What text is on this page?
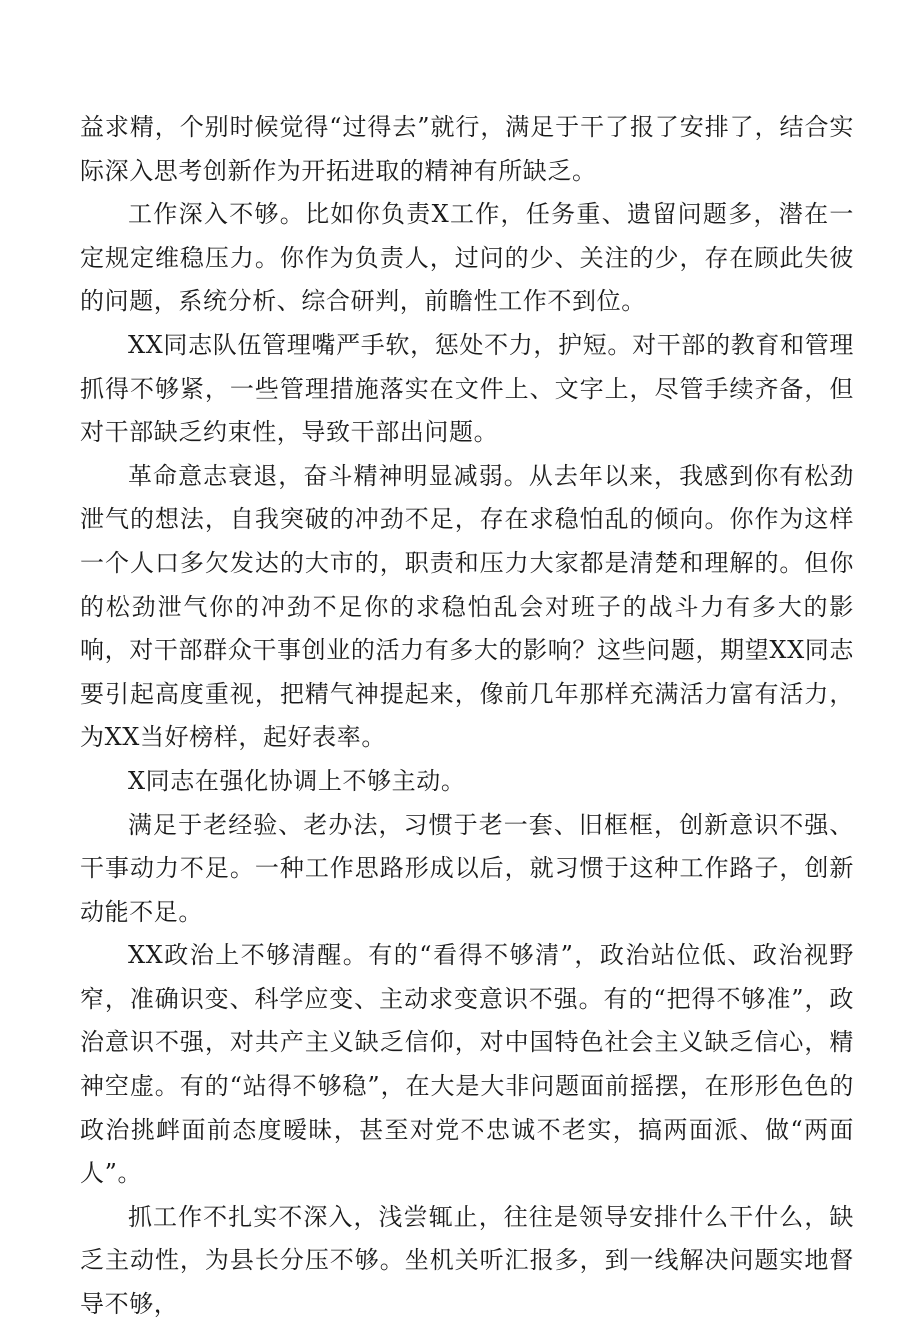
益求精，个别时候觉得“过得去”就行，满足于干了报了安排了，结合实际深入思考创新作为开拓进取的精神有所缺乏。

工作深入不够。比如你负责X工作，任务重、遗留问题多，潜在一定规定维稳压力。你作为负责人，过问的少、关注的少，存在顾此失彼的问题，系统分析、综合研判，前瞻性工作不到位。

XX同志队伍管理嘴严手软，惩处不力，护短。对干部的教育和管理抓得不够紧，一些管理措施落实在文件上、文字上，尽管手续齐备，但对干部缺乏约束性，导致干部出问题。

革命意志衰退，奋斗精神明显减弱。从去年以来，我感到你有松劲泄气的想法，自我突破的冲劲不足，存在求稳怕乱的倾向。你作为这样一个人口多欠发达的大市的，职责和压力大家都是清楚和理解的。但你的松劲泄气你的冲劲不足你的求稳怕乱会对班子的战斗力有多大的影响，对干部群众干事创业的活力有多大的影响？这些问题，期望XX同志要引起高度重视，把精气神提起来，像前几年那样充满活力富有活力，为XX当好榜样，起好表率。

X同志在强化协调上不够主动。

满足于老经验、老办法，习惯于老一套、旧框框，创新意识不强、干事动力不足。一种工作思路形成以后，就习惯于这种工作路子，创新动能不足。

XX政治上不够清醒。有的“看得不够清”，政治站位低、政治视野窄，准确识变、科学应变、主动求变意识不强。有的“把得不够准”，政治意识不强，对共产主义缺乏信仰，对中国特色社会主义缺乏信心，精神空虚。有的“站得不够稳”，在大是大非问题面前摇摆，在形形色色的政治挑衅面前态度暧昧，甚至对党不忠诚不老实，搞两面派、做“两面人”。

抓工作不扎实不深入，浅尝辄止，往往是领导安排什么干什么，缺乏主动性，为县长分压不够。坐机关听汇报多，到一线解决问题实地督导不够，
